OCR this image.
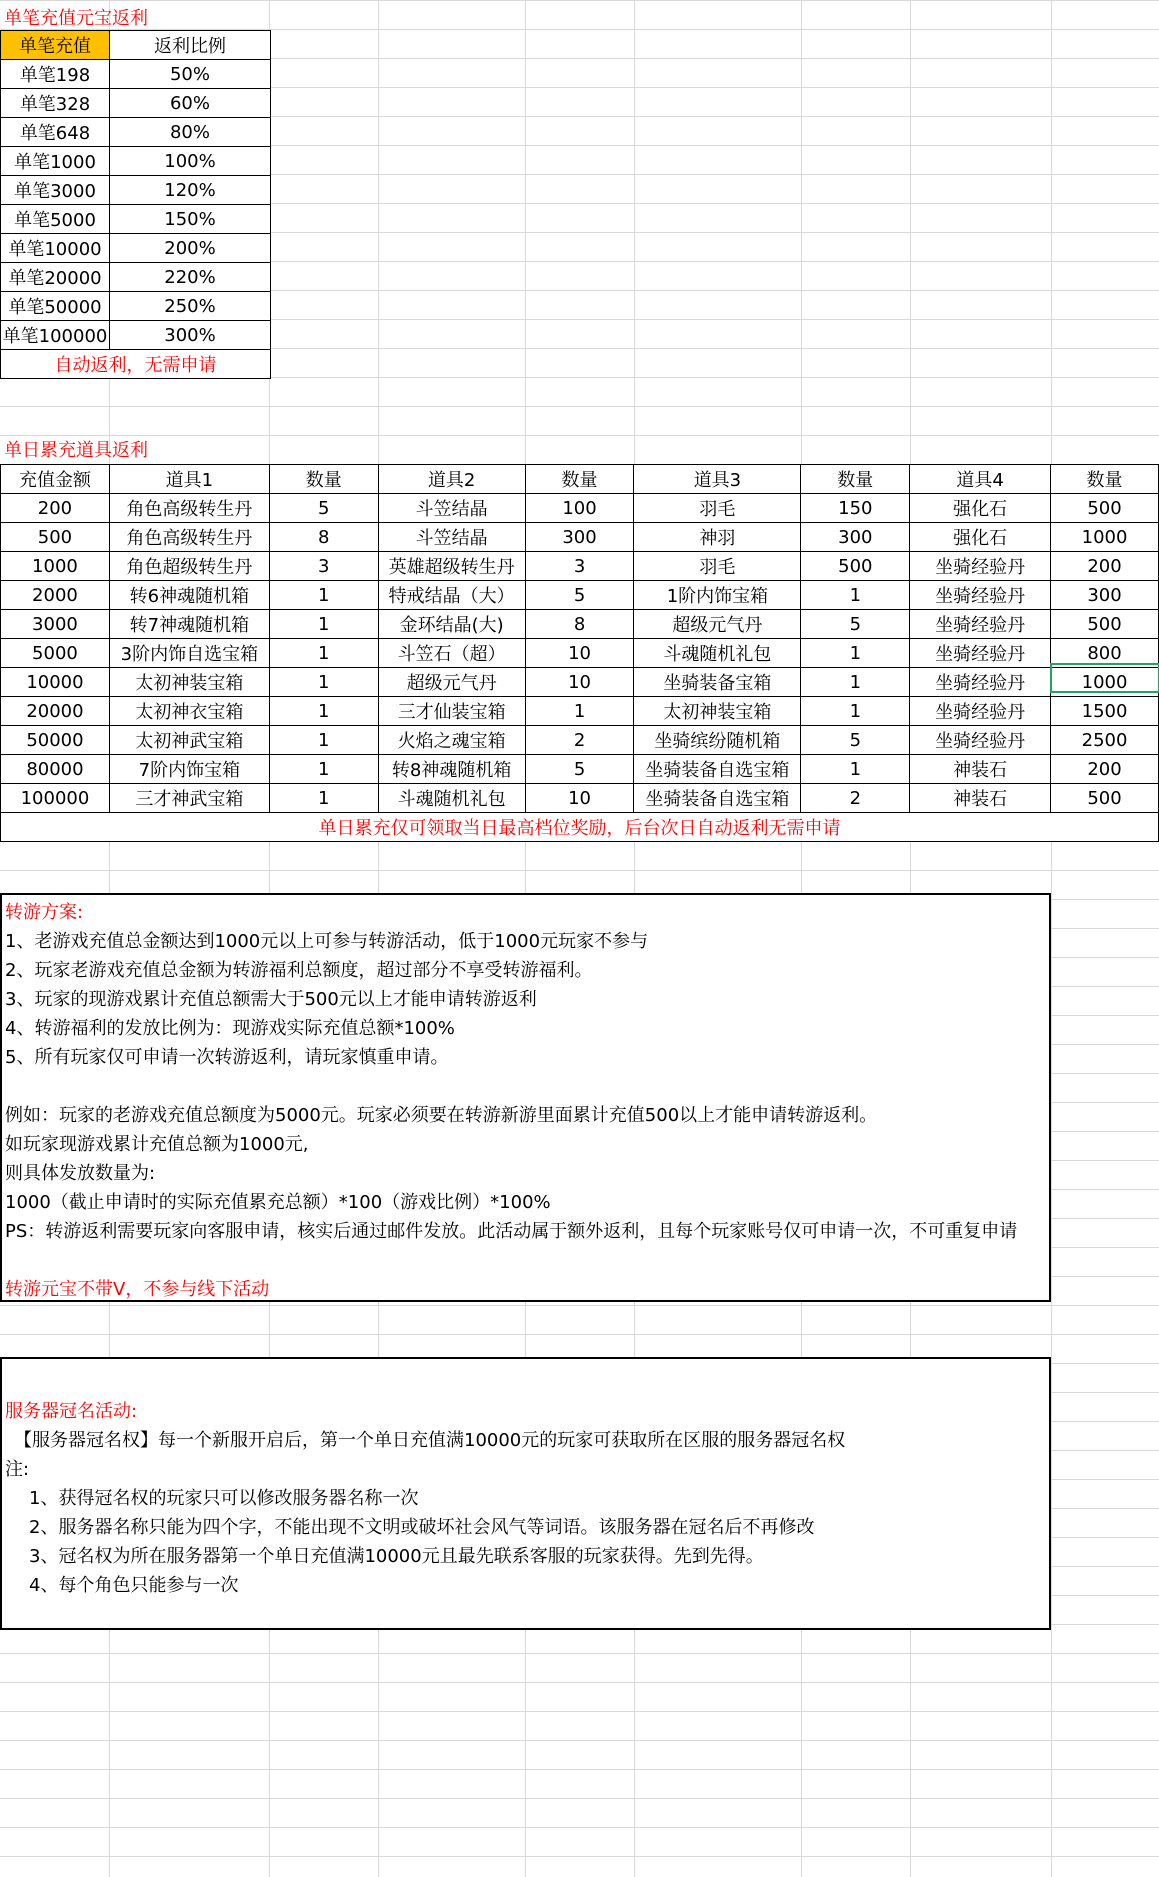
单笔充值元宝返利
单笔充值	返利比例
单笔198	50%
单笔328	60%
单笔648	80%
单笔1000	100%
单笔3000	120%
单笔5000	150%
单笔10000	200%
单笔20000	220%
单笔50000	250%
单笔100000	300%
自动返利，无需申请	
单日累充道具返利
充值金额	道具1	数量	道具2	数量	道具3	数量	道具4	数量
200	角色高级转生丹	5	斗笠结晶	100	羽毛	150	强化石	500
500	角色高级转生丹	8	斗笠结晶	300	神羽	300	强化石	1000
1000	角色超级转生丹	3	英雄超级转生丹	3	羽毛	500	坐骑经验丹	200
2000	转6神魂随机箱	1	特戒结晶（大）	5	1阶内饰宝箱	1	坐骑经验丹	300
3000	转7神魂随机箱	1	金环结晶(大)	8	超级元气丹	5	坐骑经验丹	500
5000	3阶内饰自选宝箱	1	斗笠石（超）	10	斗魂随机礼包	1	坐骑经验丹	800
10000	太初神装宝箱	1	超级元气丹	10	坐骑装备宝箱	1	坐骑经验丹	1000
20000	太初神衣宝箱	1	三才仙装宝箱	1	太初神装宝箱	1	坐骑经验丹	1500
50000	太初神武宝箱	1	火焰之魂宝箱	2	坐骑缤纷随机箱	5	坐骑经验丹	2500
80000	7阶内饰宝箱	1	转8神魂随机箱	5	坐骑装备自选宝箱	1	神装石	200
100000	三才神武宝箱	1	斗魂随机礼包	10	坐骑装备自选宝箱	2	神装石	500
单日累充仅可领取当日最高档位奖励，后台次日自动返利无需申请								
转游方案:
1、老游戏充值总金额达到1000元以上可参与转游活动，低于1000元玩家不参与
2、玩家老游戏充值总金额为转游福利总额度，超过部分不享受转游福利。
3、玩家的现游戏累计充值总额需大于500元以上才能申请转游返利
4、转游福利的发放比例为：现游戏实际充值总额*100%
5、所有玩家仅可申请一次转游返利，请玩家慎重申请。
例如：玩家的老游戏充值总额度为5000元。玩家必须要在转游新游里面累计充值500以上才能申请转游返利。
如玩家现游戏累计充值总额为1000元,
则具体发放数量为:
1000（截止申请时的实际充值累充总额）*100（游戏比例）*100%
PS：转游返利需要玩家向客服申请，核实后通过邮件发放。此活动属于额外返利，且每个玩家账号仅可申请一次，不可重复申请
转游元宝不带V，不参与线下活动
服务器冠名活动:
【服务器冠名权】每一个新服开启后，第一个单日充值满10000元的玩家可获取所在区服的服务器冠名权
注:
1、获得冠名权的玩家只可以修改服务器名称一次
2、服务器名称只能为四个字，不能出现不文明或破坏社会风气等词语。该服务器在冠名后不再修改
3、冠名权为所在服务器第一个单日充值满10000元且最先联系客服的玩家获得。先到先得。
4、每个角色只能参与一次
